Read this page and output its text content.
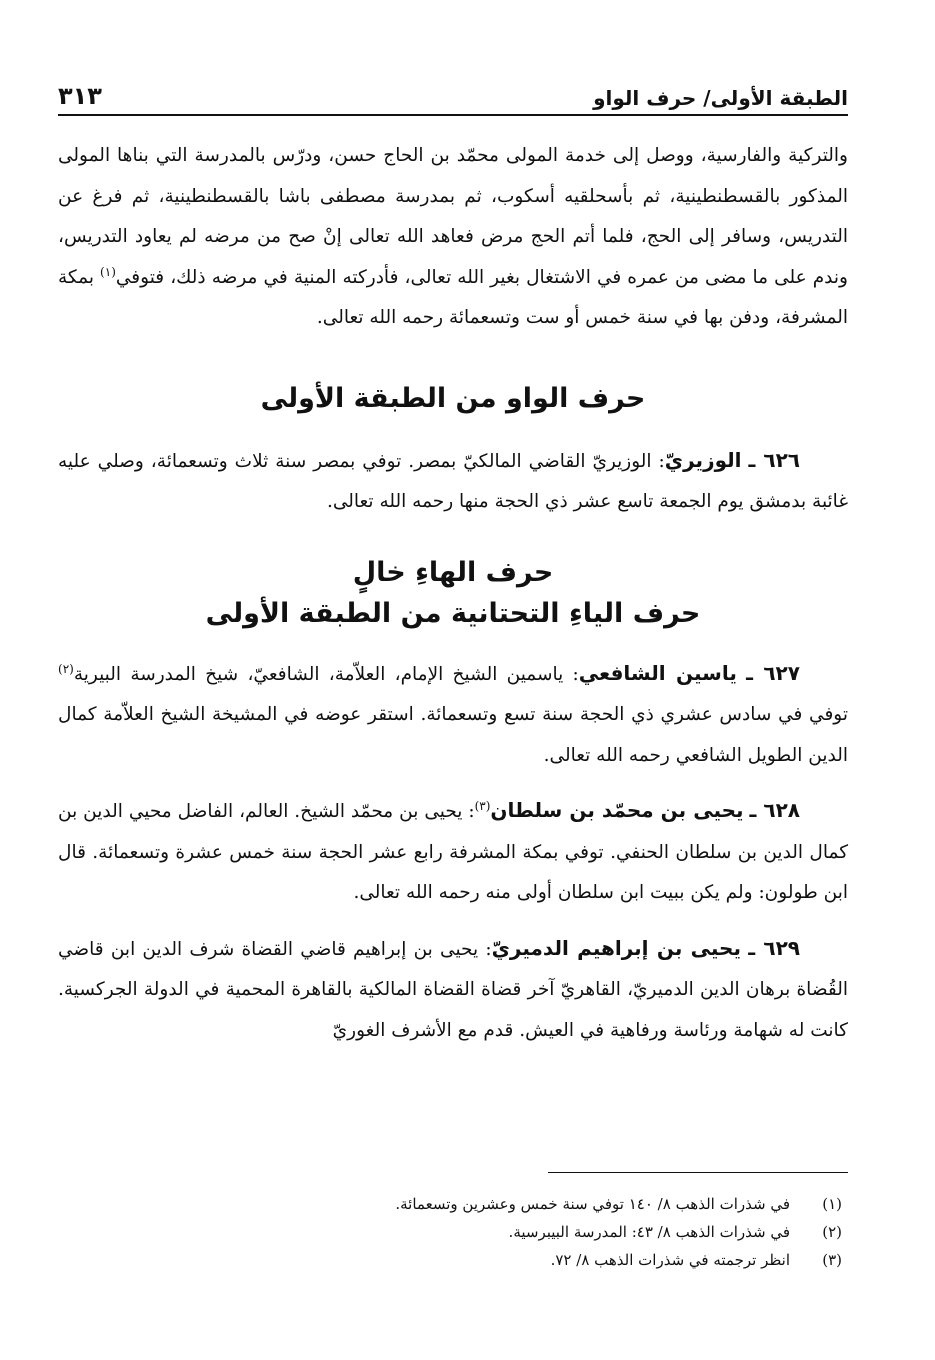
الطبقة الأولى/ حرف الواو
٣١٣

والتركية والفارسية، ووصل إلى خدمة المولى محمّد بن الحاج حسن، ودرّس بالمدرسة التي بناها المولى المذكور بالقسطنطينية، ثم بأسحلقيه أسكوب، ثم بمدرسة مصطفى باشا بالقسطنطينية، ثم فرغ عن التدريس، وسافر إلى الحج، فلما أتم الحج مرض فعاهد الله تعالى إنْ صح من مرضه لم يعاود التدريس، وندم على ما مضى من عمره في الاشتغال بغير الله تعالى، فأدركته المنية في مرضه ذلك، فتوفي$^{(١)}$ بمكة المشرفة، ودفن بها في سنة خمس أو ست وتسعمائة رحمه الله تعالى.

حرف الواو من الطبقة الأولى

٦٢٦ ـ الوزيريّ: الوزيريّ القاضي المالكيّ بمصر. توفي بمصر سنة ثلاث وتسعمائة، وصلي عليه غائبة بدمشق يوم الجمعة تاسع عشر ذي الحجة منها رحمه الله تعالى.

حرف الهاءِ خالٍ
حرف الياءِ التحتانية من الطبقة الأولى

٦٢٧ ـ ياسين الشافعي: ياسمين الشيخ الإمام، العلاّمة، الشافعيّ، شيخ المدرسة البيرية$^{(٢)}$ توفي في سادس عشري ذي الحجة سنة تسع وتسعمائة. استقر عوضه في المشيخة الشيخ العلاّمة كمال الدين الطويل الشافعي رحمه الله تعالى.

٦٢٨ ـ يحيى بن محمّد بن سلطان$^{(٣)}$: يحيى بن محمّد الشيخ. العالم، الفاضل محيي الدين بن كمال الدين بن سلطان الحنفي. توفي بمكة المشرفة رابع عشر الحجة سنة خمس عشرة وتسعمائة. قال ابن طولون: ولم يكن ببيت ابن سلطان أولى منه رحمه الله تعالى.

٦٢٩ ـ يحيى بن إبراهيم الدميريّ: يحيى بن إبراهيم قاضي القضاة شرف الدين ابن قاضي القُضاة برهان الدين الدميريّ، القاهريّ آخر قضاة القضاة المالكية بالقاهرة المحمية في الدولة الجركسية. كانت له شهامة ورئاسة ورفاهية في العيش. قدم مع الأشرف الغوريّ

(١)
في شذرات الذهب ٨/ ١٤٠ توفي سنة خمس وعشرين وتسعمائة.
(٢)
في شذرات الذهب ٨/ ٤٣: المدرسة البيبرسية.
(٣)
انظر ترجمته في شذرات الذهب ٨/ ٧٢.
